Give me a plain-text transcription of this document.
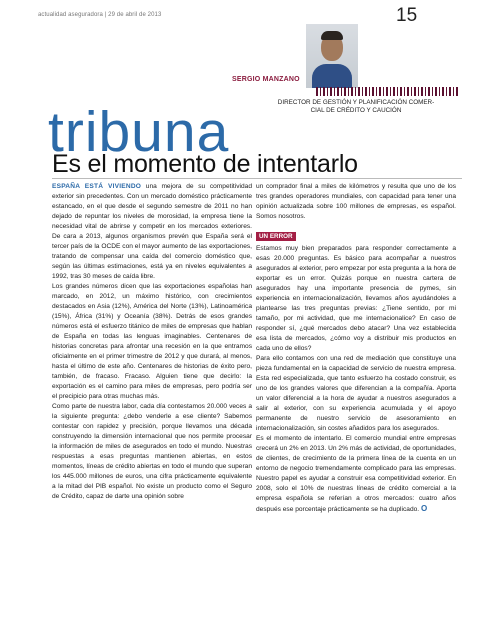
actualidad aseguradora | 29 de abril de 2013	15
SERGIO MANZANO
DIRECTOR DE GESTIÓN Y PLANIFICACIÓN COMER-
CIAL DE CRÉDITO Y CAUCIÓN
tribuna
Es el momento de intentarlo

ESPAÑA ESTÁ VIVIENDO una mejora de su competitividad exterior sin precedentes. Con un mercado doméstico prácticamente estancado, en el que desde el segundo semestre de 2011 no han dejado de repuntar los niveles de morosidad, la empresa tiene la necesidad vital de abrirse y competir en los mercados exteriores. De cara a 2013, algunos organismos prevén que España será el tercer país de la OCDE con el mayor aumento de las exportaciones, tratando de compensar una caída del comercio doméstico que, según las últimas estimaciones, está ya en niveles equivalentes a 1992, tras 30 meses de caída libre.

Los grandes números dicen que las exportaciones españolas han marcado, en 2012, un máximo histórico, con crecimientos destacados en Asia (12%), América del Norte (13%), Latinoamérica (15%), África (31%) y Oceanía (38%). Detrás de esos grandes números está el esfuerzo titánico de miles de empresas que hablan de España en todas las lenguas imaginables. Centenares de historias concretas para afrontar una recesión en la que entramos oficialmente en el primer trimestre de 2012 y que durará, al menos, hasta el último de este año. Centenares de historias de éxito pero, también, de fracaso. Fracaso. Alguien tiene que decirlo: la exportación es el camino para miles de empresas, pero podría ser el precipicio para otras muchas más.

Como parte de nuestra labor, cada día contestamos 20.000 veces a la siguiente pregunta: ¿debo venderle a ese cliente? Sabemos contestar con rapidez y precisión, porque llevamos una década construyendo la dimensión internacional que nos permite procesar la información de miles de asegurados en todo el mundo. Nuestras respuestas a esas preguntas mantienen abiertas, en estos momentos, líneas de crédito abiertas en todo el mundo que superan los 445.000 millones de euros, una cifra prácticamente equivalente a la mitad del PIB español. No existe un producto como el Seguro de Crédito, capaz de darte una opinión sobre

un comprador final a miles de kilómetros y resulta que uno de los tres grandes operadores mundiales, con capacidad para tener una opinión actualizada sobre 100 millones de empresas, es español. Somos nosotros.

UN ERROR

Estamos muy bien preparados para responder correctamente a esas 20.000 preguntas. Es básico para acompañar a nuestros asegurados al exterior, pero empezar por esta pregunta a la hora de exportar es un error. Quizás porque en nuestra cartera de asegurados hay una importante presencia de pymes, sin experiencia en internacionalización, llevamos años ayudándoles a plantearse las tres preguntas previas: ¿Tiene sentido, por mi tamaño, por mi actividad, que me internacionalice? En caso de responder sí, ¿qué mercados debo atacar? Una vez establecida esa lista de mercados, ¿cómo voy a distribuir mis productos en cada uno de ellos?

Para ello contamos con una red de mediación que constituye una pieza fundamental en la capacidad de servicio de nuestra empresa. Esta red especializada, que tanto esfuerzo ha costado construir, es uno de los grandes valores que diferencian a la compañía. Aporta un valor diferencial a la hora de ayudar a nuestros asegurados a salir al exterior, con su experiencia acumulada y el apoyo permanente de nuestro servicio de asesoramiento en internacionalización, sin costes añadidos para los asegurados.

Es el momento de intentarlo. El comercio mundial entre empresas crecerá un 2% en 2013. Un 2% más de actividad, de oportunidades, de clientes, de crecimiento de la primera línea de la cuenta en un entorno de negocio tremendamente complicado para las empresas. Nuestro papel es ayudar a construir esa competitividad exterior. En 2008, solo el 10% de nuestras líneas de crédito comercial a la empresa española se referían a otros mercados: cuatro años después ese porcentaje prácticamente se ha duplicado. O
